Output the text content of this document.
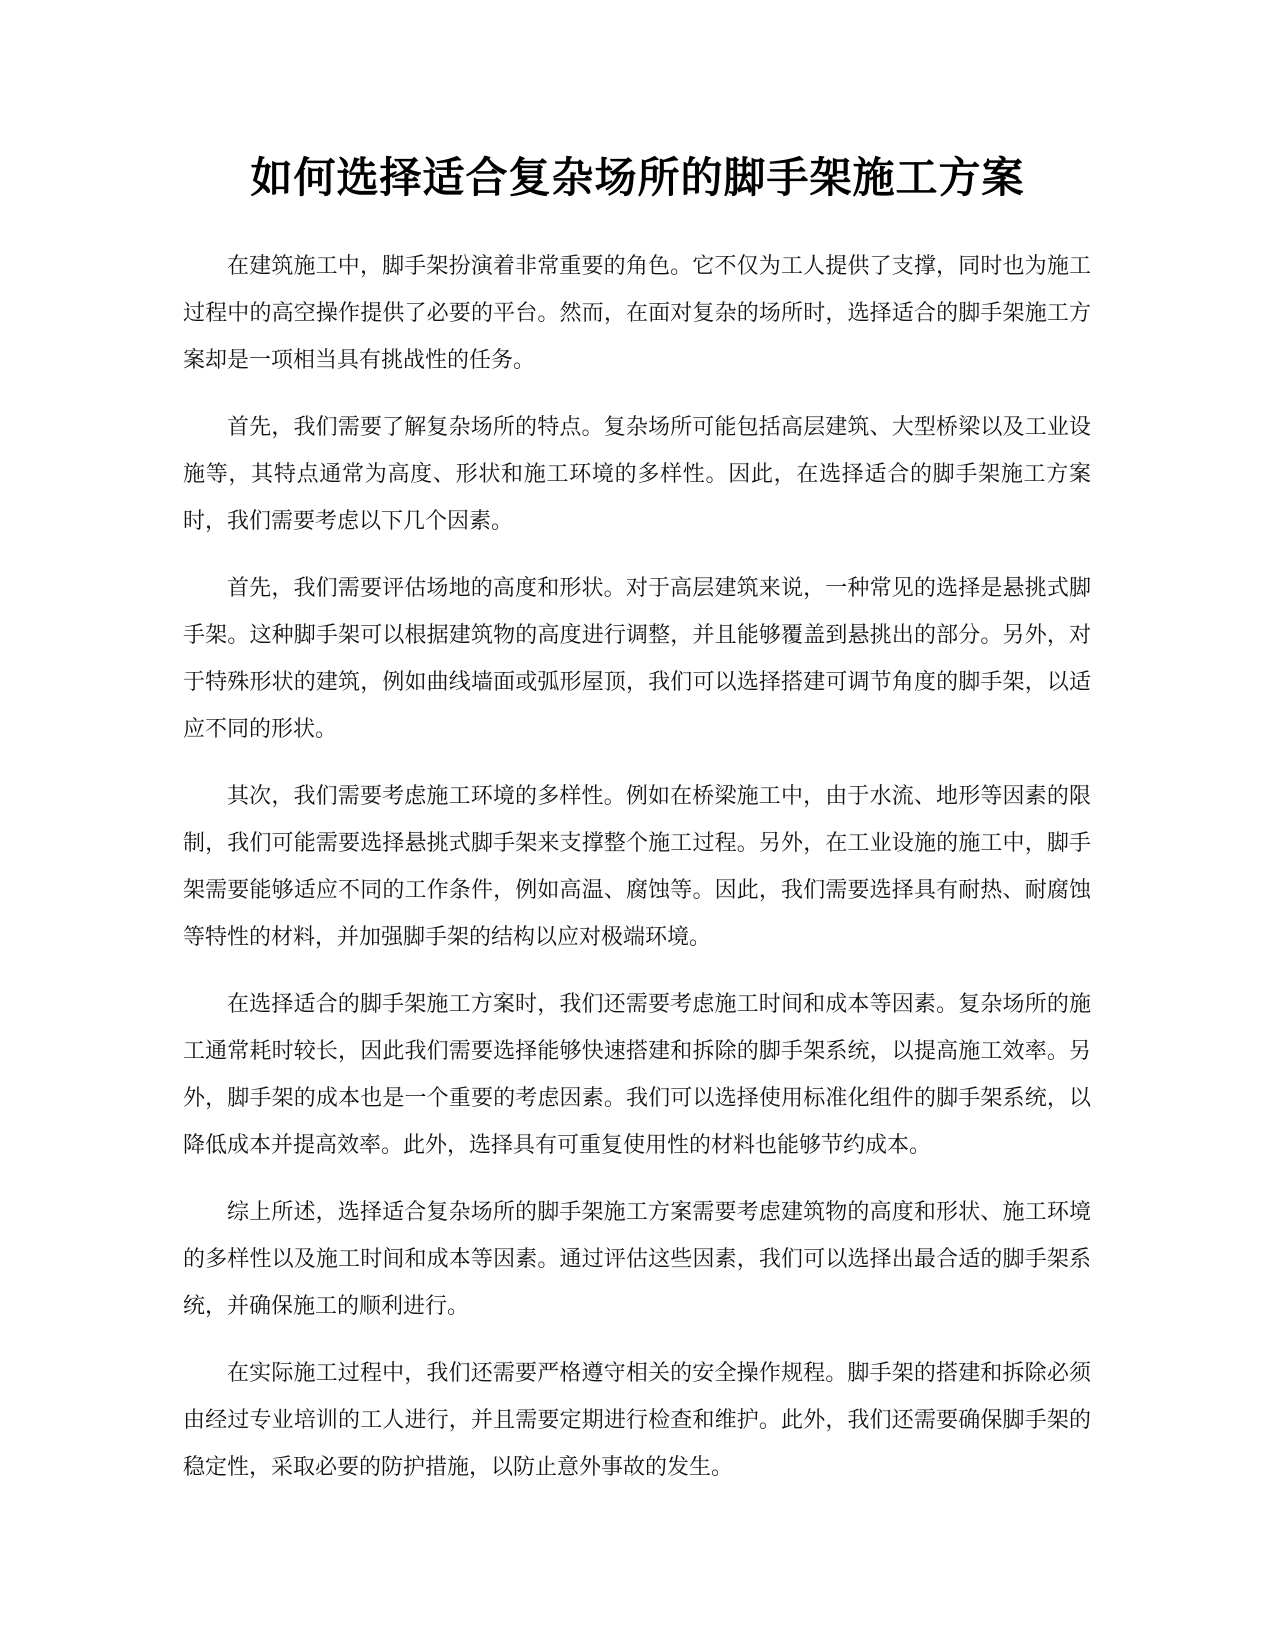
如何选择适合复杂场所的脚手架施工方案

在建筑施工中，脚手架扮演着非常重要的角色。它不仅为工人提供了支撑，同时也为施工过程中的高空操作提供了必要的平台。然而，在面对复杂的场所时，选择适合的脚手架施工方案却是一项相当具有挑战性的任务。

首先，我们需要了解复杂场所的特点。复杂场所可能包括高层建筑、大型桥梁以及工业设施等，其特点通常为高度、形状和施工环境的多样性。因此，在选择适合的脚手架施工方案时，我们需要考虑以下几个因素。

首先，我们需要评估场地的高度和形状。对于高层建筑来说，一种常见的选择是悬挑式脚手架。这种脚手架可以根据建筑物的高度进行调整，并且能够覆盖到悬挑出的部分。另外，对于特殊形状的建筑，例如曲线墙面或弧形屋顶，我们可以选择搭建可调节角度的脚手架，以适应不同的形状。

其次，我们需要考虑施工环境的多样性。例如在桥梁施工中，由于水流、地形等因素的限制，我们可能需要选择悬挑式脚手架来支撑整个施工过程。另外，在工业设施的施工中，脚手架需要能够适应不同的工作条件，例如高温、腐蚀等。因此，我们需要选择具有耐热、耐腐蚀等特性的材料，并加强脚手架的结构以应对极端环境。

在选择适合的脚手架施工方案时，我们还需要考虑施工时间和成本等因素。复杂场所的施工通常耗时较长，因此我们需要选择能够快速搭建和拆除的脚手架系统，以提高施工效率。另外，脚手架的成本也是一个重要的考虑因素。我们可以选择使用标准化组件的脚手架系统，以降低成本并提高效率。此外，选择具有可重复使用性的材料也能够节约成本。

综上所述，选择适合复杂场所的脚手架施工方案需要考虑建筑物的高度和形状、施工环境的多样性以及施工时间和成本等因素。通过评估这些因素，我们可以选择出最合适的脚手架系统，并确保施工的顺利进行。

在实际施工过程中，我们还需要严格遵守相关的安全操作规程。脚手架的搭建和拆除必须由经过专业培训的工人进行，并且需要定期进行检查和维护。此外，我们还需要确保脚手架的稳定性，采取必要的防护措施，以防止意外事故的发生。
